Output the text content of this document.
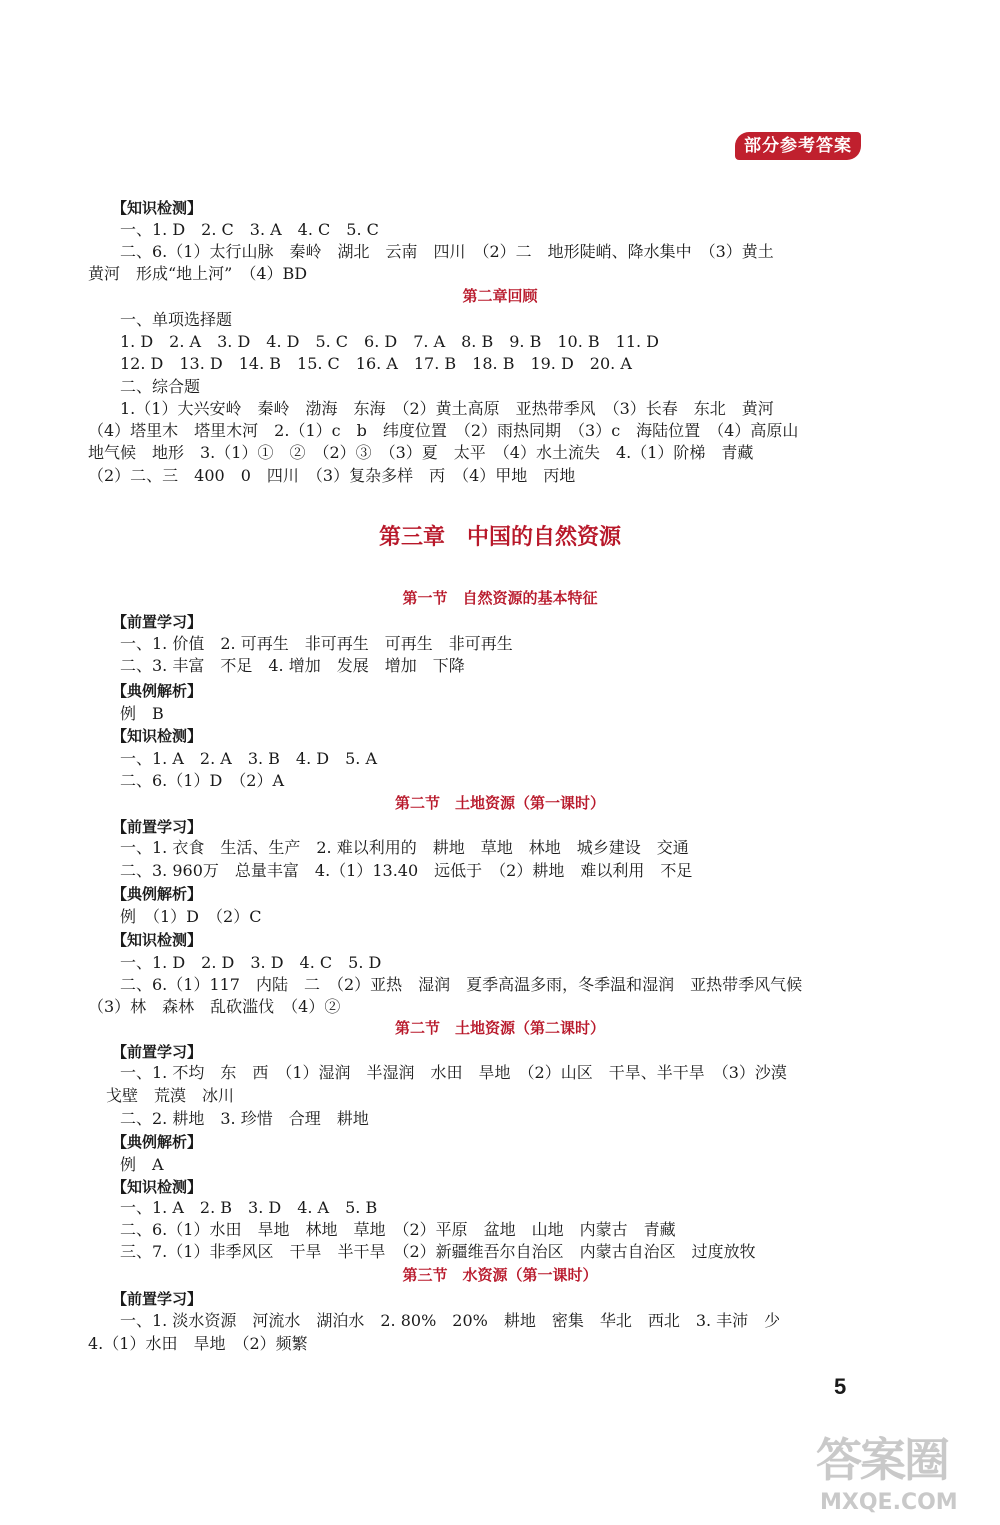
部分参考答案
【知识检测】
一、1. D　2. C　3. A　4. C　5. C
二、6.（1）太行山脉　秦岭　湖北　云南　四川　（2）二　地形陡峭、降水集中　（3）黄土
黄河　形成“地上河”　（4）BD
第二章回顾
一、单项选择题
1. D　2. A　3. D　4. D　5. C　6. D　7. A　8. B　9. B　10. B　11. D
12. D　13. D　14. B　15. C　16. A　17. B　18. B　19. D　20. A
二、综合题
1.（1）大兴安岭　秦岭　渤海　东海　（2）黄土高原　亚热带季风　（3）长春　东北　黄河
（4）塔里木　塔里木河　2.（1）c　b　纬度位置　（2）雨热同期　（3）c　海陆位置　（4）高原山
地气候　地形　3.（1）①　②　（2）③　（3）夏　太平　（4）水土流失　4.（1）阶梯　青藏
（2）二、三　400　0　四川　（3）复杂多样　丙　（4）甲地　丙地
第三章　中国的自然资源
第一节　自然资源的基本特征
【前置学习】
一、1. 价值　2. 可再生　非可再生　可再生　非可再生
二、3. 丰富　不足　4. 增加　发展　增加　下降
【典例解析】
例　B
【知识检测】
一、1. A　2. A　3. B　4. D　5. A
二、6.（1）D　（2）A
第二节　土地资源（第一课时）
【前置学习】
一、1. 衣食　生活、生产　2. 难以利用的　耕地　草地　林地　城乡建设　交通
二、3. 960万　总量丰富　4.（1）13.40　远低于　（2）耕地　难以利用　不足
【典例解析】
例　（1）D　（2）C
【知识检测】
一、1. D　2. D　3. D　4. C　5. D
二、6.（1）117　内陆　二　（2）亚热　湿润　夏季高温多雨，冬季温和湿润　亚热带季风气候
（3）林　森林　乱砍滥伐　（4）②
第二节　土地资源（第二课时）
【前置学习】
一、1. 不均　东　西　（1）湿润　半湿润　水田　旱地　（2）山区　干旱、半干旱　（3）沙漠
戈壁　荒漠　冰川
二、2. 耕地　3. 珍惜　合理　耕地
【典例解析】
例　A
【知识检测】
一、1. A　2. B　3. D　4. A　5. B
二、6.（1）水田　旱地　林地　草地　（2）平原　盆地　山地　内蒙古　青藏
三、7.（1）非季风区　干旱　半干旱　（2）新疆维吾尔自治区　内蒙古自治区　过度放牧
第三节　水资源（第一课时）
【前置学习】
一、1. 淡水资源　河流水　湖泊水　2. 80%　20%　耕地　密集　华北　西北　3. 丰沛　少
4.（1）水田　旱地　（2）频繁
5
答案圈
MXQE.COM
